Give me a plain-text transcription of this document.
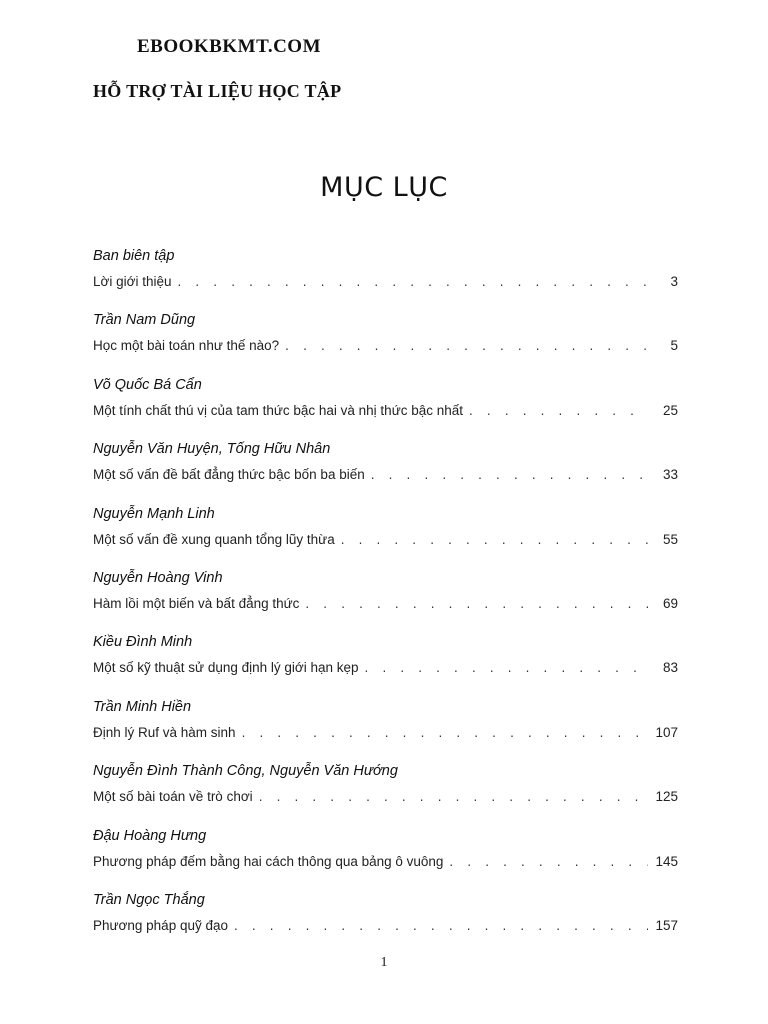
EBOOKBKMT.COM
HỖ TRỢ TÀI LIỆU HỌC TẬP
MỤC LỤC
Ban biên tập
Lời giới thiệu . . .	3
Trần Nam Dũng
Học một bài toán như thế nào? . . .	5
Võ Quốc Bá Cẩn
Một tính chất thú vị của tam thức bậc hai và nhị thức bậc nhất . . .	25
Nguyễn Văn Huyện, Tống Hữu Nhân
Một số vấn đề bất đẳng thức bậc bốn ba biến . . .	33
Nguyễn Mạnh Linh
Một số vấn đề xung quanh tổng lũy thừa . . .	55
Nguyễn Hoàng Vinh
Hàm lồi một biến và bất đẳng thức . . .	69
Kiều Đình Minh
Một số kỹ thuật sử dụng định lý giới hạn kẹp . . .	83
Trần Minh Hiền
Định lý Ruf và hàm sinh . . .	107
Nguyễn Đình Thành Công, Nguyễn Văn Hướng
Một số bài toán về trò chơi . . .	125
Đậu Hoàng Hưng
Phương pháp đếm bằng hai cách thông qua bảng ô vuông . . .	145
Trần Ngọc Thắng
Phương pháp quỹ đạo . . .	157
1
